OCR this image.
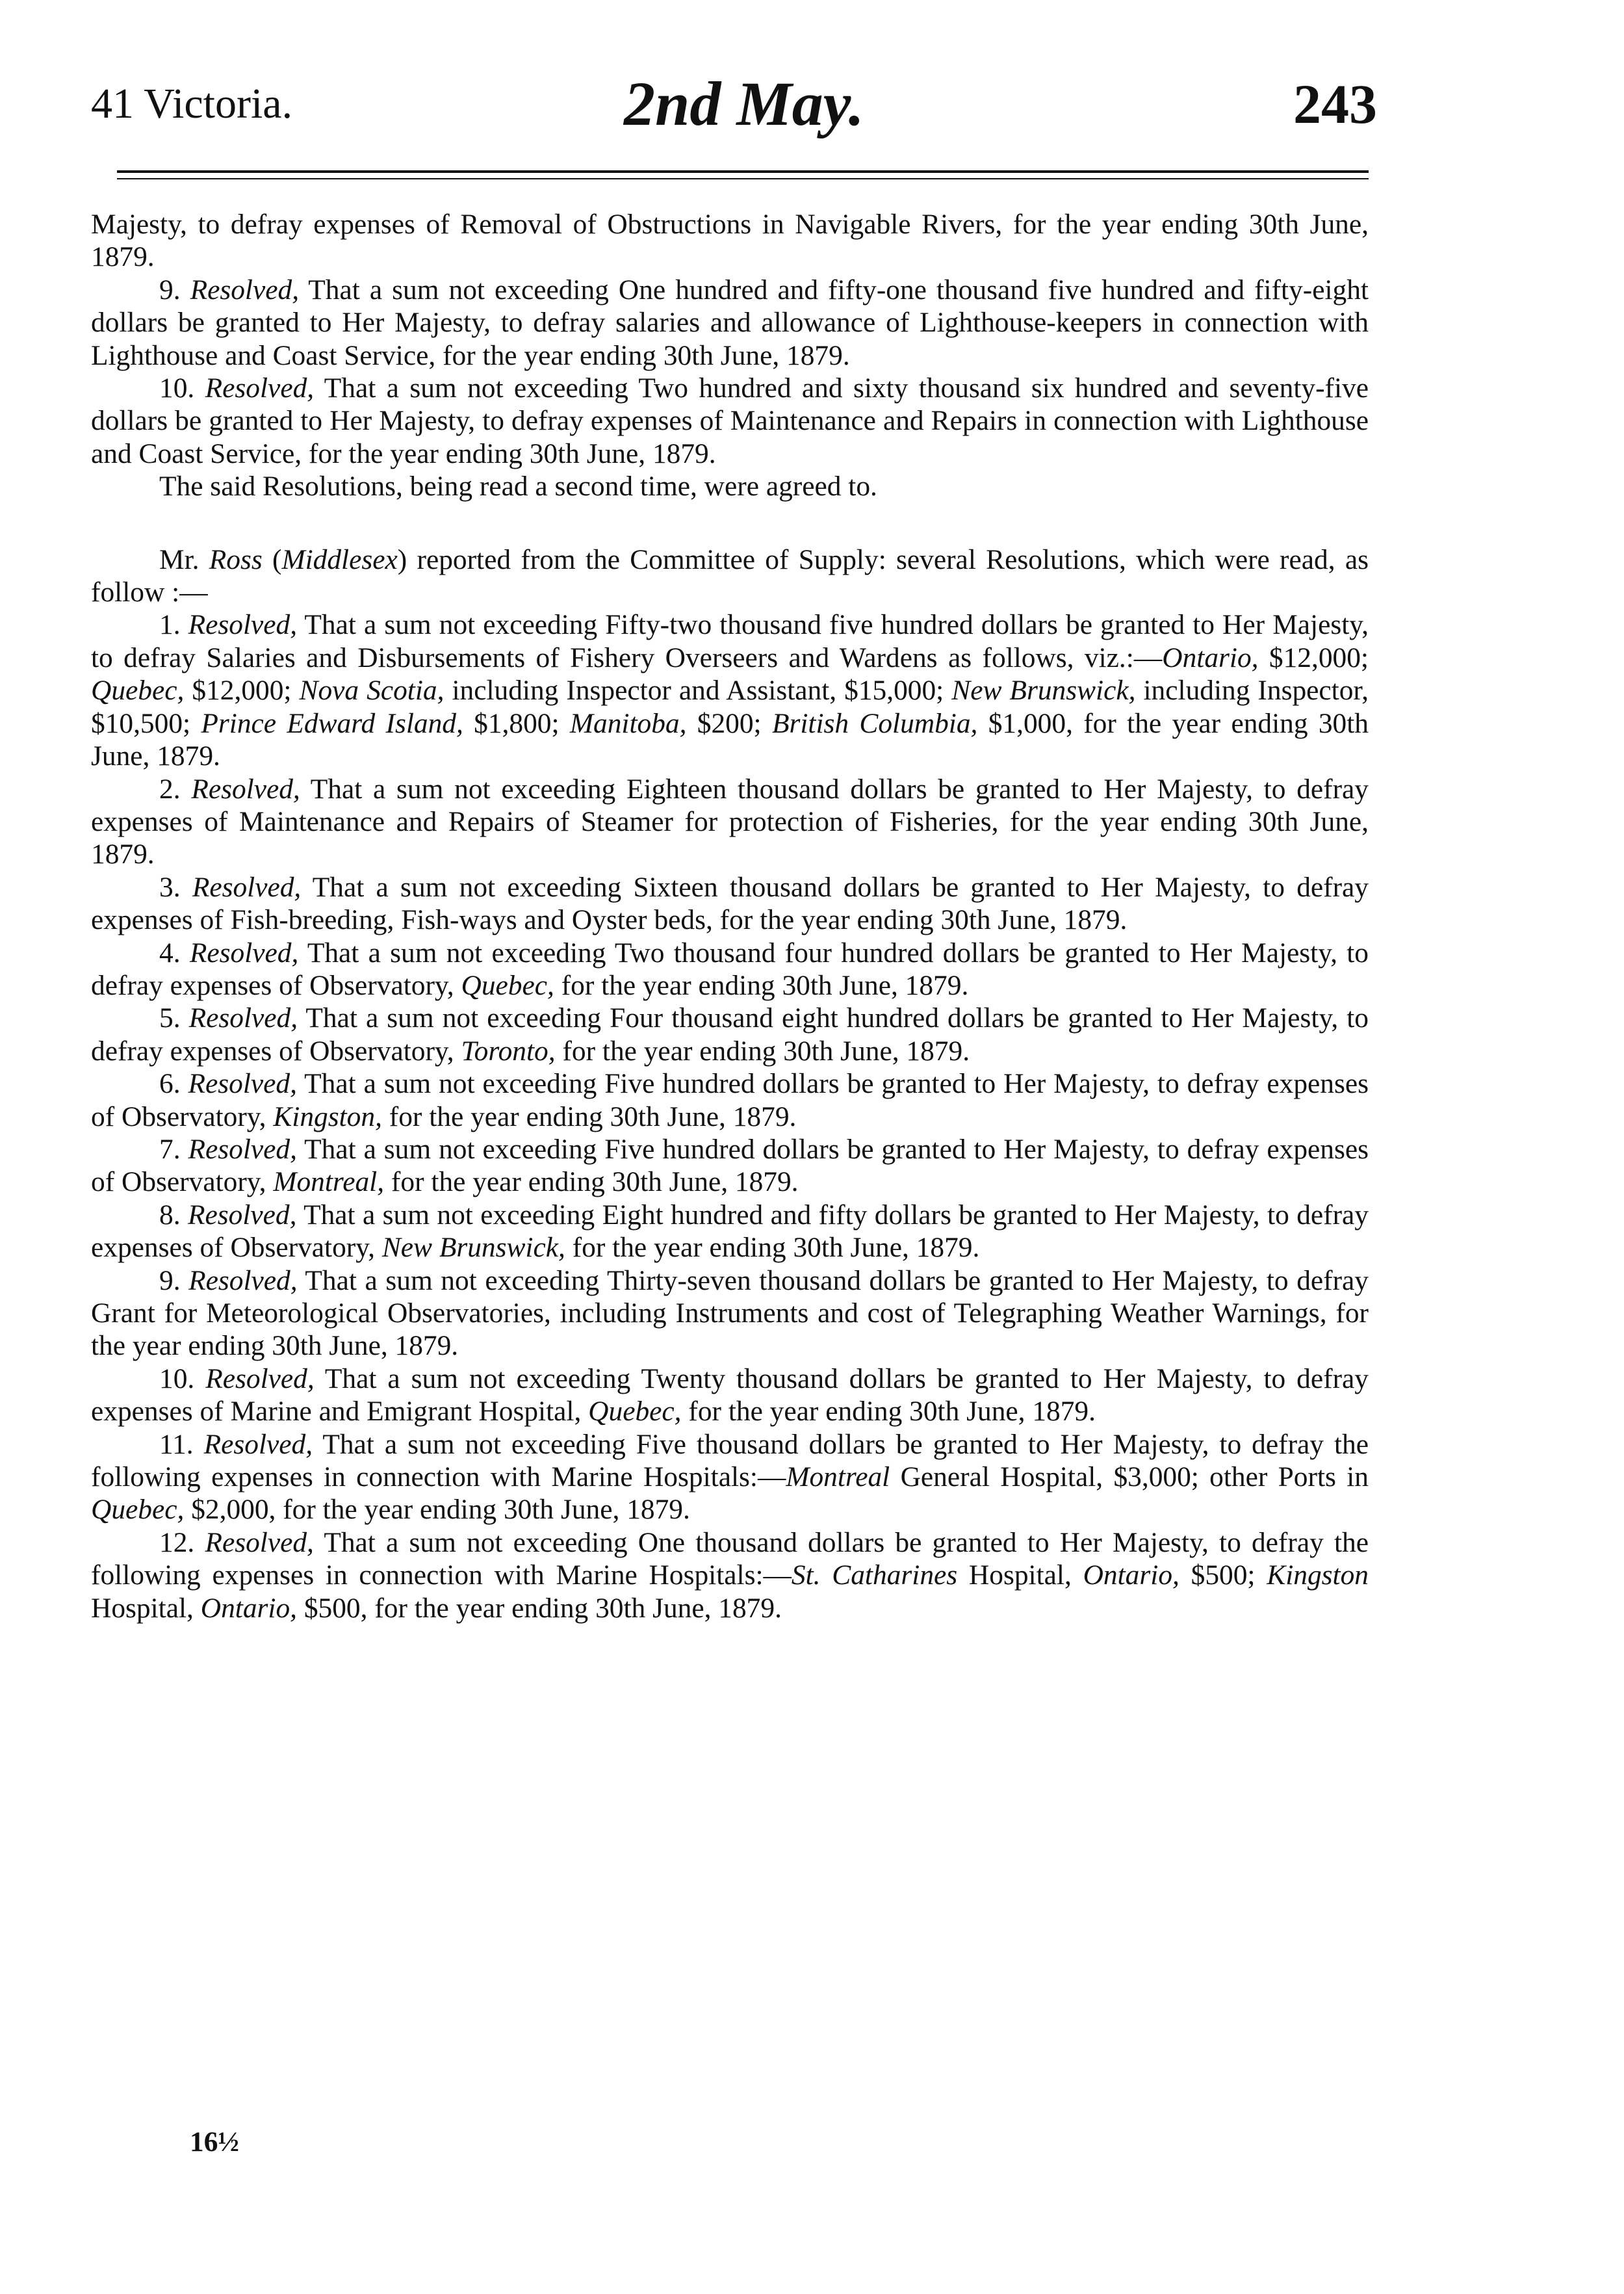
41 Victoria.	2nd May.	243

Majesty, to defray expenses of Removal of Obstructions in Navigable Rivers, for the year ending 30th June, 1879.

9. Resolved, That a sum not exceeding One hundred and fifty-one thousand five hundred and fifty-eight dollars be granted to Her Majesty, to defray salaries and allowance of Lighthouse-keepers in connection with Lighthouse and Coast Service, for the year ending 30th June, 1879.

10. Resolved, That a sum not exceeding Two hundred and sixty thousand six hundred and seventy-five dollars be granted to Her Majesty, to defray expenses of Maintenance and Repairs in connection with Lighthouse and Coast Service, for the year ending 30th June, 1879.

The said Resolutions, being read a second time, were agreed to.

Mr. Ross (Middlesex) reported from the Committee of Supply: several Resolutions, which were read, as follow :—

1. Resolved, That a sum not exceeding Fifty-two thousand five hundred dollars be granted to Her Majesty, to defray Salaries and Disbursements of Fishery Overseers and Wardens as follows, viz.:—Ontario, $12,000; Quebec, $12,000; Nova Scotia, including Inspector and Assistant, $15,000; New Brunswick, including Inspector, $10,500; Prince Edward Island, $1,800; Manitoba, $200; British Columbia, $1,000, for the year ending 30th June, 1879.

2. Resolved, That a sum not exceeding Eighteen thousand dollars be granted to Her Majesty, to defray expenses of Maintenance and Repairs of Steamer for protection of Fisheries, for the year ending 30th June, 1879.

3. Resolved, That a sum not exceeding Sixteen thousand dollars be granted to Her Majesty, to defray expenses of Fish-breeding, Fish-ways and Oyster beds, for the year ending 30th June, 1879.

4. Resolved, That a sum not exceeding Two thousand four hundred dollars be granted to Her Majesty, to defray expenses of Observatory, Quebec, for the year ending 30th June, 1879.

5. Resolved, That a sum not exceeding Four thousand eight hundred dollars be granted to Her Majesty, to defray expenses of Observatory, Toronto, for the year ending 30th June, 1879.

6. Resolved, That a sum not exceeding Five hundred dollars be granted to Her Majesty, to defray expenses of Observatory, Kingston, for the year ending 30th June, 1879.

7. Resolved, That a sum not exceeding Five hundred dollars be granted to Her Majesty, to defray expenses of Observatory, Montreal, for the year ending 30th June, 1879.

8. Resolved, That a sum not exceeding Eight hundred and fifty dollars be granted to Her Majesty, to defray expenses of Observatory, New Brunswick, for the year ending 30th June, 1879.

9. Resolved, That a sum not exceeding Thirty-seven thousand dollars be granted to Her Majesty, to defray Grant for Meteorological Observatories, including Instruments and cost of Telegraphing Weather Warnings, for the year ending 30th June, 1879.

10. Resolved, That a sum not exceeding Twenty thousand dollars be granted to Her Majesty, to defray expenses of Marine and Emigrant Hospital, Quebec, for the year ending 30th June, 1879.

11. Resolved, That a sum not exceeding Five thousand dollars be granted to Her Majesty, to defray the following expenses in connection with Marine Hospitals:—Montreal General Hospital, $3,000; other Ports in Quebec, $2,000, for the year ending 30th June, 1879.

12. Resolved, That a sum not exceeding One thousand dollars be granted to Her Majesty, to defray the following expenses in connection with Marine Hospitals:—St. Catharines Hospital, Ontario, $500; Kingston Hospital, Ontario, $500, for the year ending 30th June, 1879.

16½
